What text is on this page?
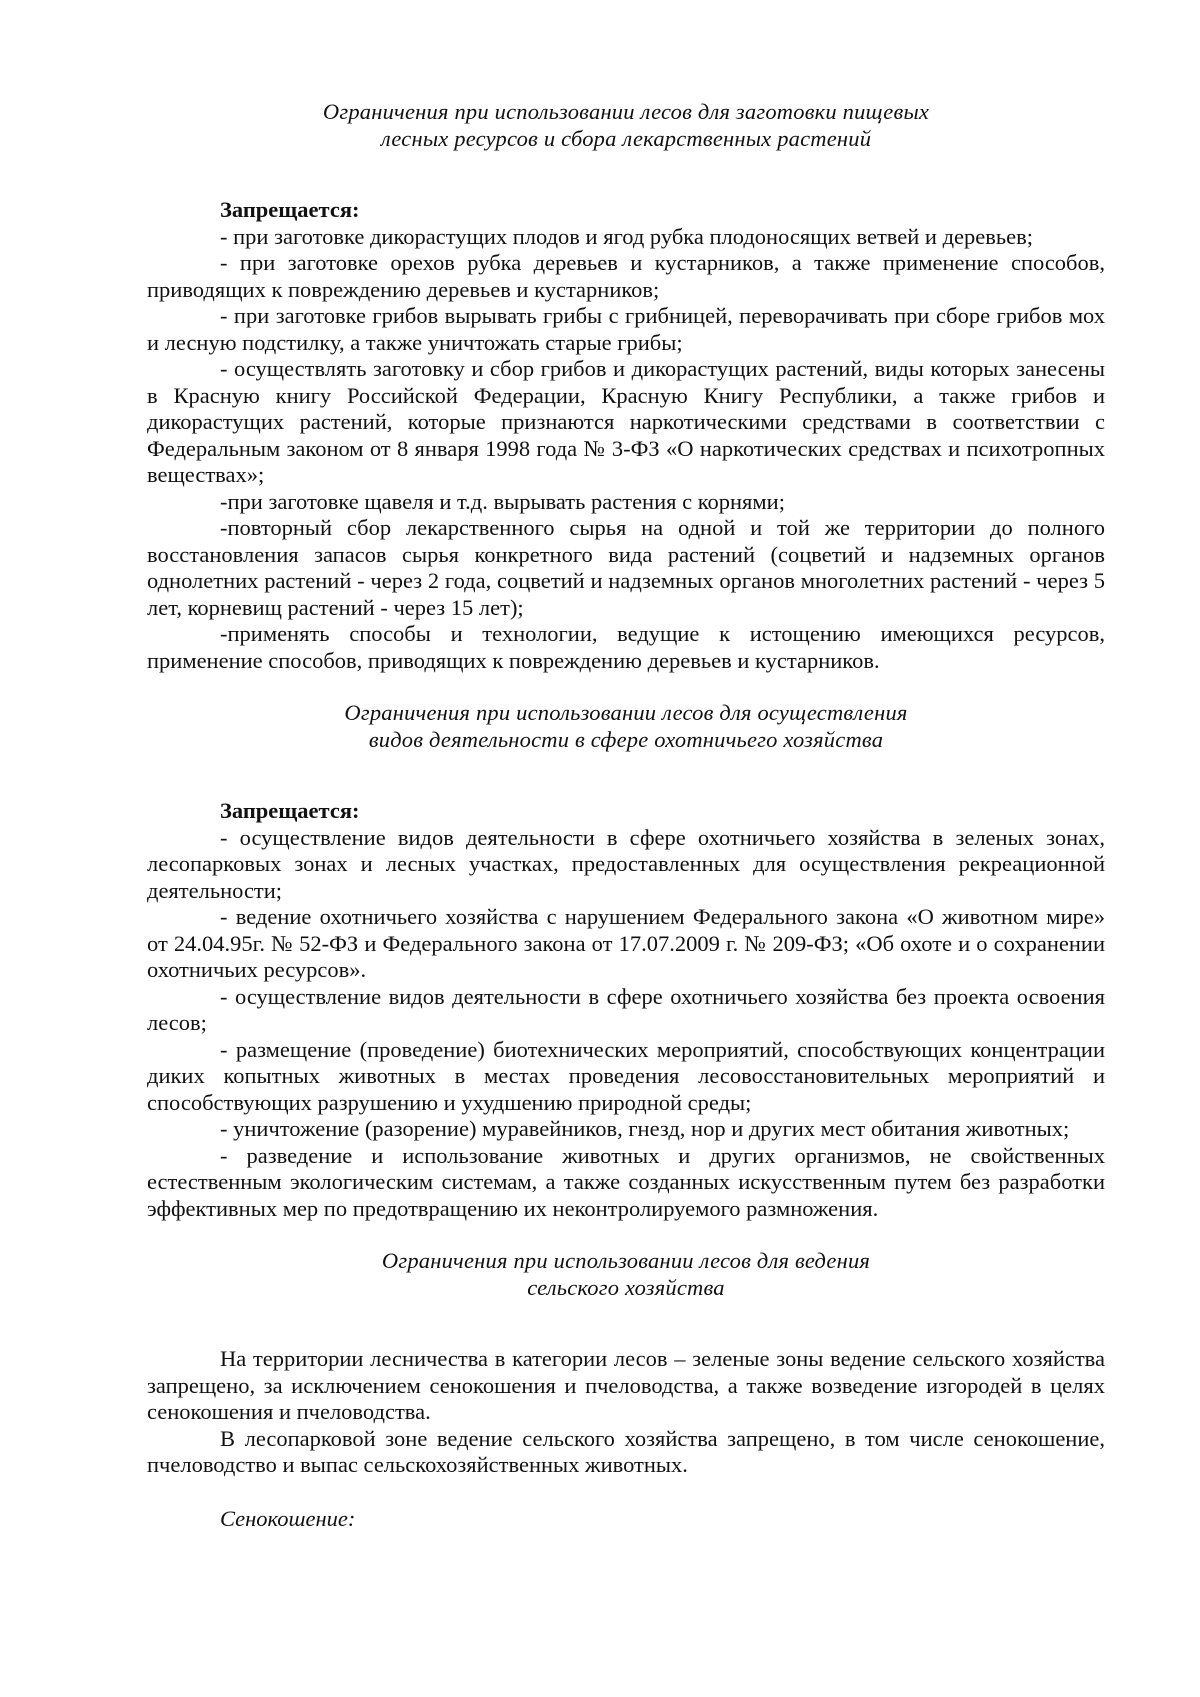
Ограничения при использовании лесов для заготовки пищевых
лесных ресурсов и сбора лекарственных растений

Запрещается:

- при заготовке дикорастущих плодов и ягод рубка плодоносящих ветвей и деревьев;

- при заготовке орехов рубка деревьев и кустарников, а также применение способов, приводящих к повреждению деревьев и кустарников;

- при заготовке грибов вырывать грибы с грибницей, переворачивать при сборе грибов мох и лесную подстилку, а также уничтожать старые грибы;

- осуществлять заготовку и сбор грибов и дикорастущих растений, виды которых занесены в Красную книгу Российской Федерации, Красную Книгу Республики, а также грибов и дикорастущих растений, которые признаются наркотическими средствами в соответствии с Федеральным законом от 8 января 1998 года № 3-ФЗ «О наркотических средствах и психотропных веществах»;

-при заготовке щавеля и т.д. вырывать растения с корнями;

-повторный сбор лекарственного сырья на одной и той же территории до полного восстановления запасов сырья конкретного вида растений (соцветий и надземных органов однолетних растений - через 2 года, соцветий и надземных органов многолетних растений - через 5 лет, корневищ растений - через 15 лет);

-применять способы и технологии, ведущие к истощению имеющихся ресурсов, применение способов, приводящих к повреждению деревьев и кустарников.

Ограничения при использовании лесов для осуществления
видов деятельности в сфере охотничьего хозяйства

Запрещается:

- осуществление видов деятельности в сфере охотничьего хозяйства в зеленых зонах, лесопарковых зонах и лесных участках, предоставленных для осуществления рекреационной деятельности;

- ведение охотничьего хозяйства с нарушением Федерального закона «О животном мире» от 24.04.95г. № 52-ФЗ и Федерального закона от 17.07.2009 г. № 209-ФЗ; «Об охоте и о сохранении охотничьих ресурсов».

- осуществление видов деятельности в сфере охотничьего хозяйства без проекта освоения лесов;

- размещение (проведение) биотехнических мероприятий, способствующих концентрации диких копытных животных в местах проведения лесовосстановительных мероприятий и способствующих разрушению и ухудшению природной среды;

- уничтожение (разорение) муравейников, гнезд, нор и других мест обитания животных;

- разведение и использование животных и других организмов, не свойственных естественным экологическим системам, а также созданных искусственным путем без разработки эффективных мер по предотвращению их неконтролируемого размножения.

Ограничения при использовании лесов для ведения
сельского хозяйства

На территории лесничества в категории лесов – зеленые зоны ведение сельского хозяйства запрещено, за исключением сенокошения и пчеловодства, а также возведение изгородей в целях сенокошения и пчеловодства.

В лесопарковой зоне ведение сельского хозяйства запрещено, в том числе сенокошение, пчеловодство и выпас сельскохозяйственных животных.

Сенокошение:
